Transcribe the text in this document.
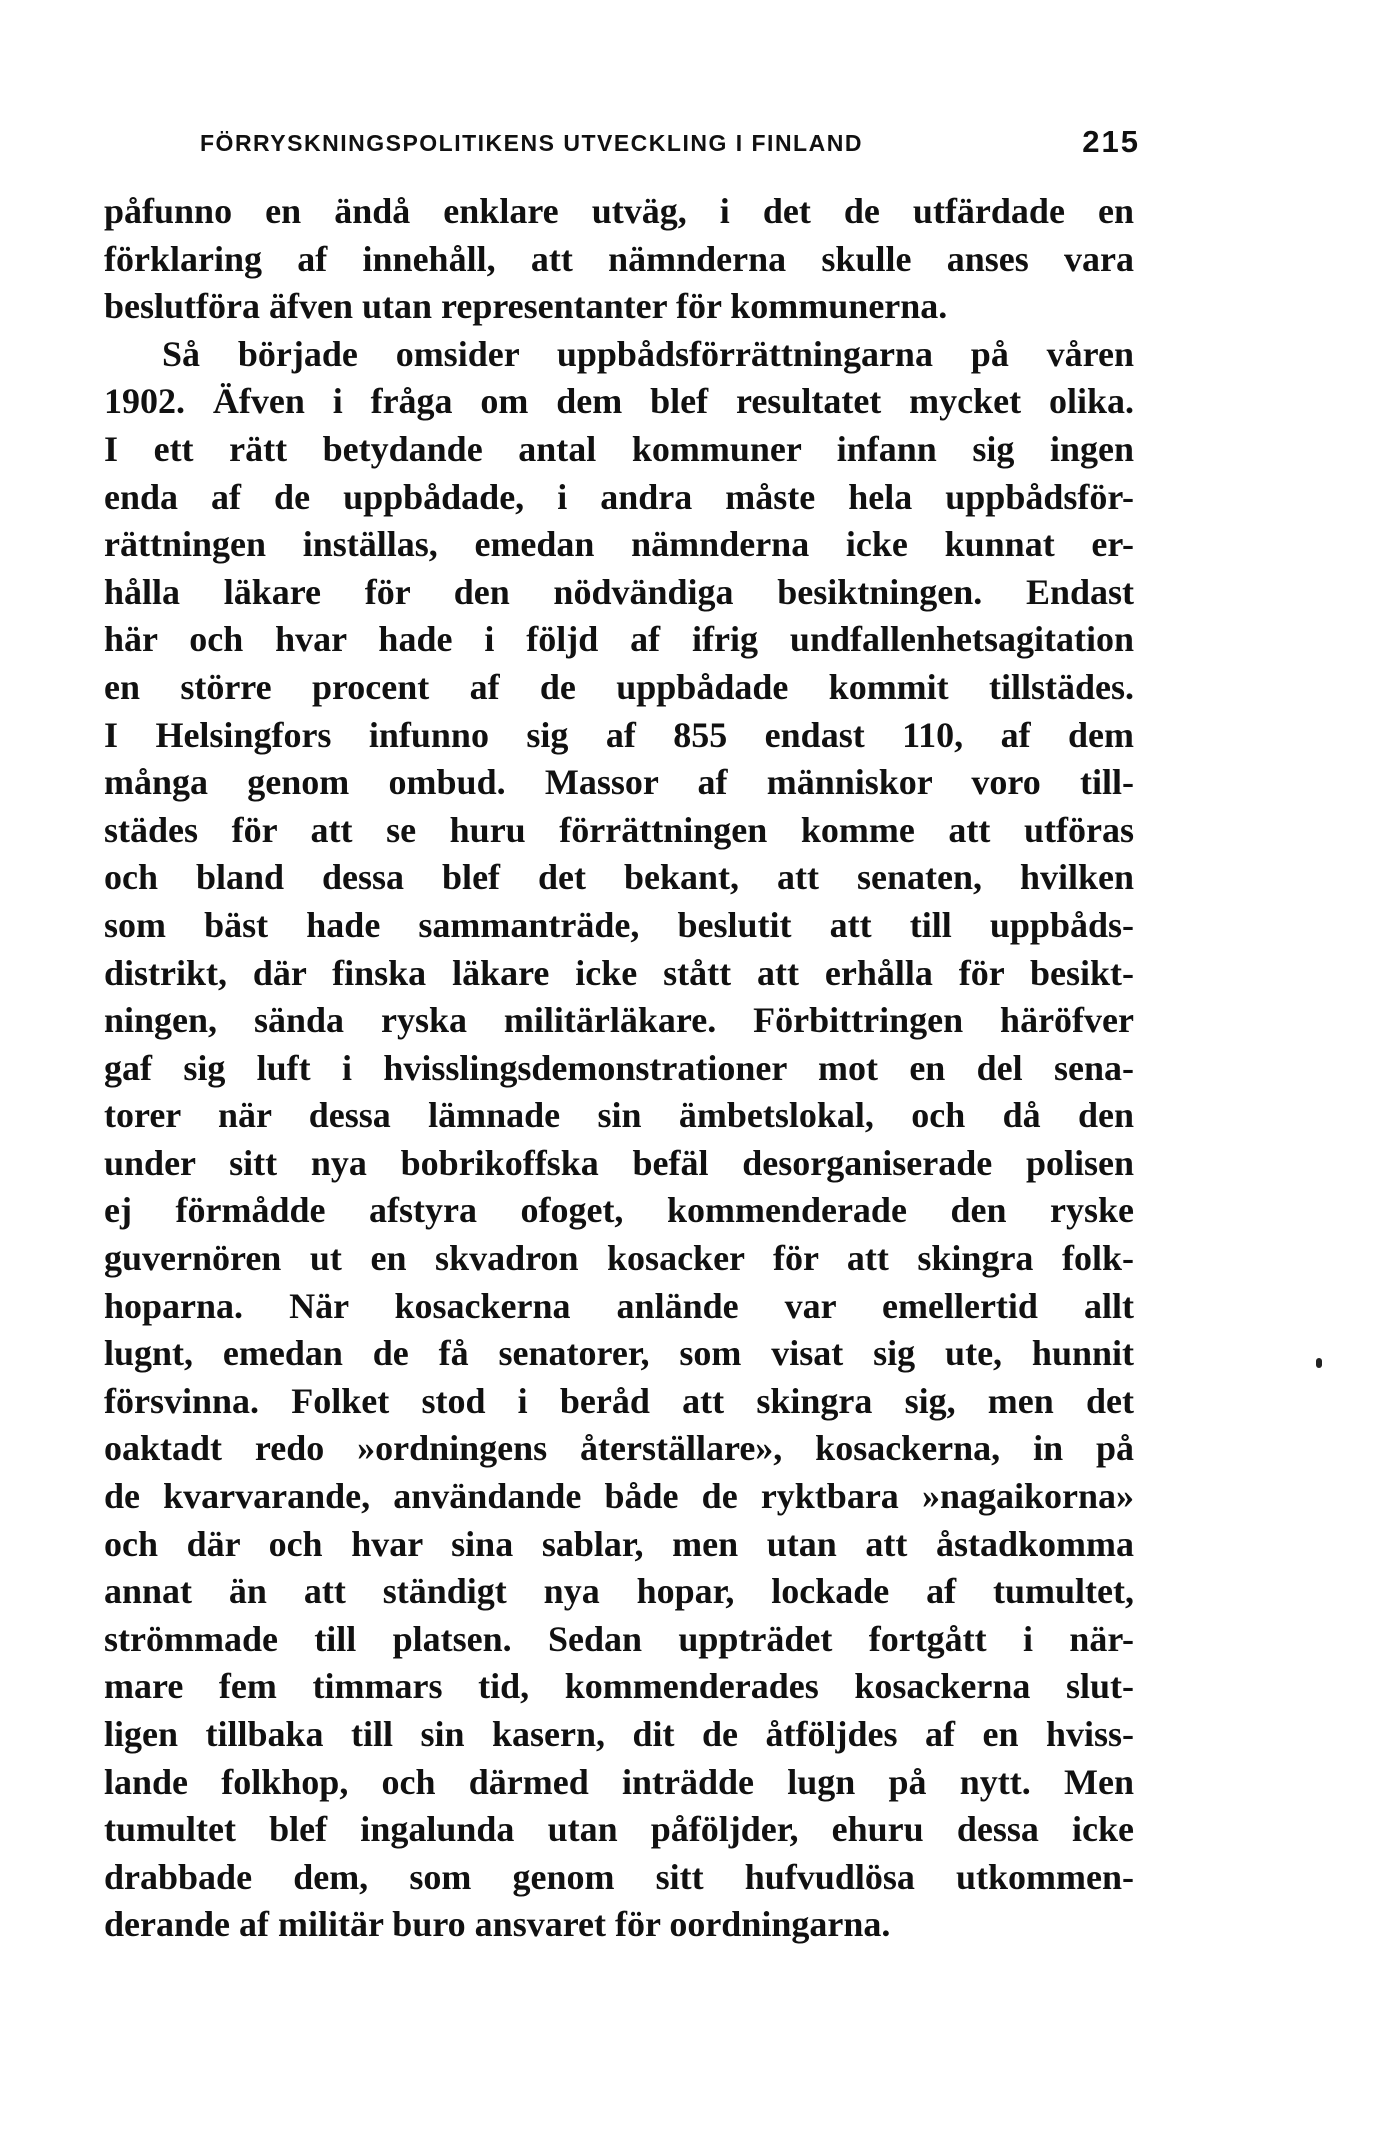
FÖRRYSKNINGSPOLITIKENS UTVECKLING I FINLAND	215
påfunno en ändå enklare utväg, i det de utfärdade en
förklaring af innehåll, att nämnderna skulle anses vara
beslutföra äfven utan representanter för kommunerna.
Så började omsider uppbådsförrättningarna på våren
1902. Äfven i fråga om dem blef resultatet mycket olika.
I ett rätt betydande antal kommuner infann sig ingen
enda af de uppbådade, i andra måste hela uppbådsför-
rättningen inställas, emedan nämnderna icke kunnat er-
hålla läkare för den nödvändiga besiktningen. Endast
här och hvar hade i följd af ifrig undfallenhetsagitation
en större procent af de uppbådade kommit tillstädes.
I Helsingfors infunno sig af 855 endast 110, af dem
många genom ombud. Massor af människor voro till-
städes för att se huru förrättningen komme att utföras
och bland dessa blef det bekant, att senaten, hvilken
som bäst hade sammanträde, beslutit att till uppbåds-
distrikt, där finska läkare icke stått att erhålla för besikt-
ningen, sända ryska militärläkare. Förbittringen häröfver
gaf sig luft i hvisslingsdemonstrationer mot en del sena-
torer när dessa lämnade sin ämbetslokal, och då den
under sitt nya bobrikoffska befäl desorganiserade polisen
ej förmådde afstyra ofoget, kommenderade den ryske
guvernören ut en skvadron kosacker för att skingra folk-
hoparna. När kosackerna anlände var emellertid allt
lugnt, emedan de få senatorer, som visat sig ute, hunnit
försvinna. Folket stod i beråd att skingra sig, men det
oaktadt redo »ordningens återställare», kosackerna, in på
de kvarvarande, användande både de ryktbara »nagaikorna»
och där och hvar sina sablar, men utan att åstadkomma
annat än att ständigt nya hopar, lockade af tumultet,
strömmade till platsen. Sedan uppträdet fortgått i när-
mare fem timmars tid, kommenderades kosackerna slut-
ligen tillbaka till sin kasern, dit de åtföljdes af en hviss-
lande folkhop, och därmed inträdde lugn på nytt. Men
tumultet blef ingalunda utan påföljder, ehuru dessa icke
drabbade dem, som genom sitt hufvudlösa utkommen-
derande af militär buro ansvaret för oordningarna.
